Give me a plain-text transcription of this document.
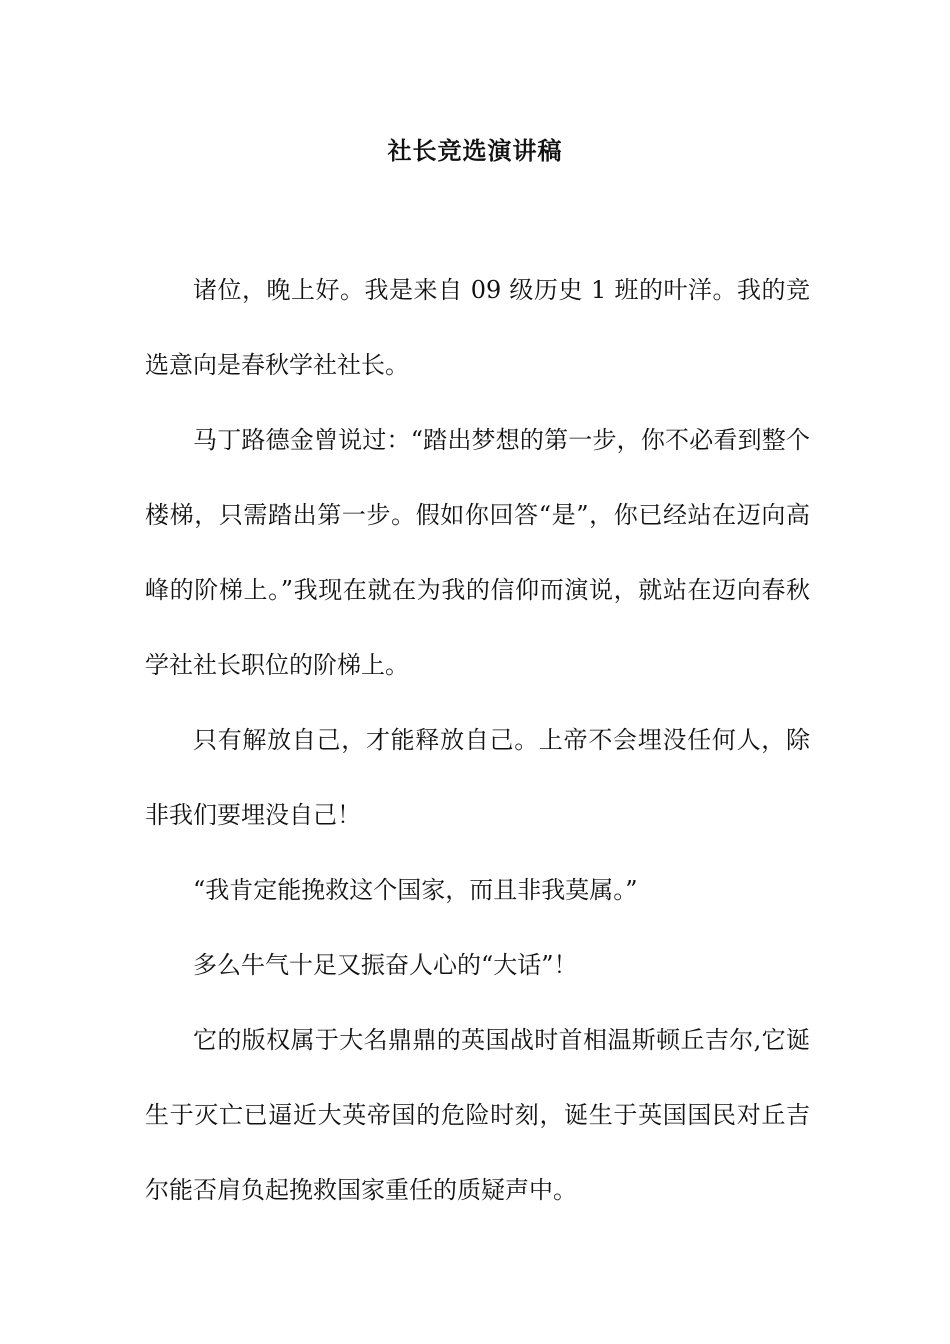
社长竞选演讲稿

诸位，晚上好。我是来自 09 级历史 1 班的叶洋。我的竞选意向是春秋学社社长。

马丁路德金曾说过：“踏出梦想的第一步，你不必看到整个楼梯，只需踏出第一步。假如你回答“是”，你已经站在迈向高峰的阶梯上。”我现在就在为我的信仰而演说，就站在迈向春秋学社社长职位的阶梯上。

只有解放自己，才能释放自己。上帝不会埋没任何人，除非我们要埋没自己！

“我肯定能挽救这个国家，而且非我莫属。”

多么牛气十足又振奋人心的“大话”！

它的版权属于大名鼎鼎的英国战时首相温斯顿丘吉尔,它诞生于灭亡已逼近大英帝国的危险时刻，诞生于英国国民对丘吉尔能否肩负起挽救国家重任的质疑声中。
